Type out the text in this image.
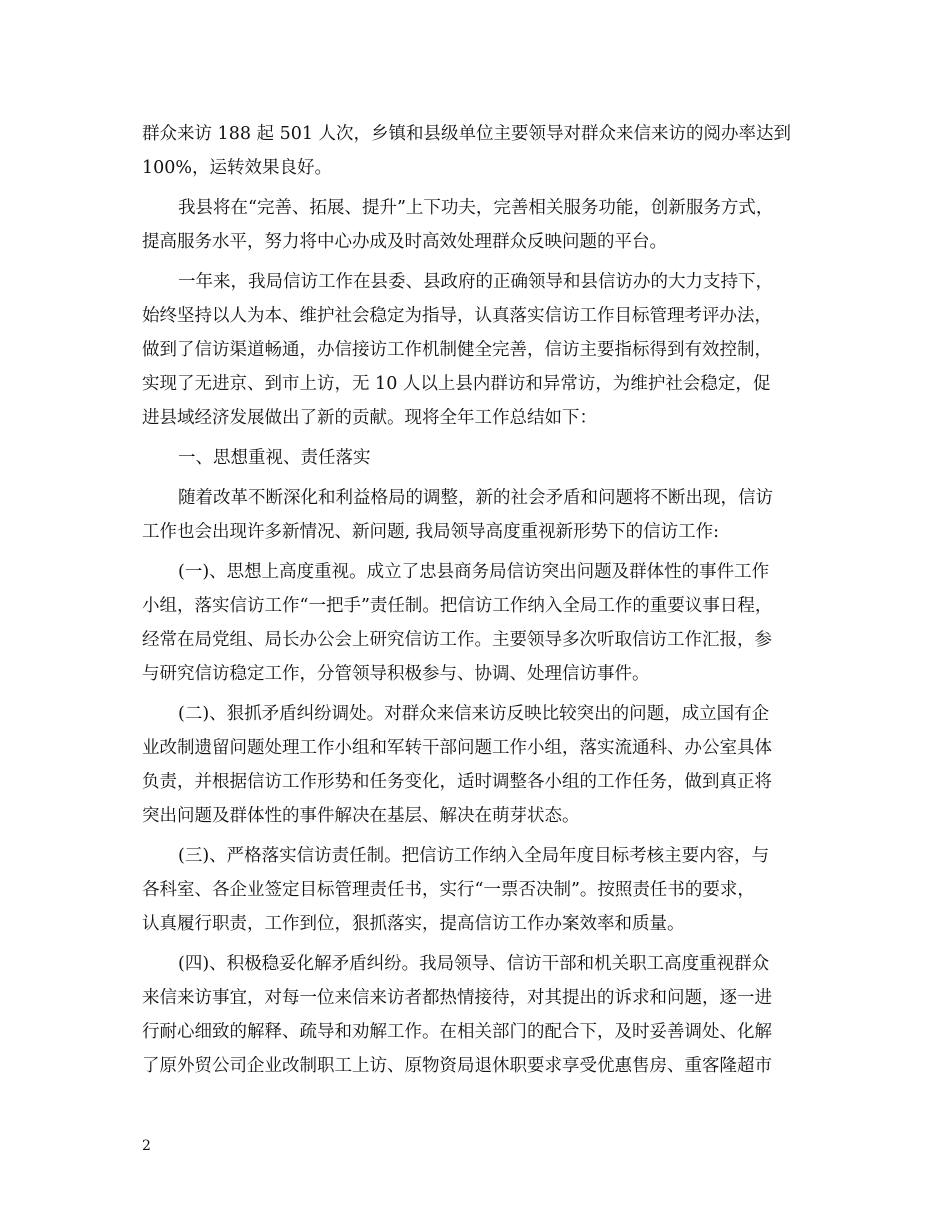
群众来访 188 起 501 人次，乡镇和县级单位主要领导对群众来信来访的阅办率达到
100%，运转效果良好。
我县将在“完善、拓展、提升”上下功夫，完善相关服务功能，创新服务方式，
提高服务水平，努力将中心办成及时高效处理群众反映问题的平台。
一年来，我局信访工作在县委、县政府的正确领导和县信访办的大力支持下，
始终坚持以人为本、维护社会稳定为指导，认真落实信访工作目标管理考评办法，
做到了信访渠道畅通，办信接访工作机制健全完善，信访主要指标得到有效控制，
实现了无进京、到市上访，无 10 人以上县内群访和异常访，为维护社会稳定，促
进县域经济发展做出了新的贡献。现将全年工作总结如下：
一、思想重视、责任落实
随着改革不断深化和利益格局的调整，新的社会矛盾和问题将不断出现，信访
工作也会出现许多新情况、新问题, 我局领导高度重视新形势下的信访工作:
(一)、思想上高度重视。成立了忠县商务局信访突出问题及群体性的事件工作
小组，落实信访工作“一把手”责任制。把信访工作纳入全局工作的重要议事日程，
经常在局党组、局长办公会上研究信访工作。主要领导多次听取信访工作汇报，参
与研究信访稳定工作，分管领导积极参与、协调、处理信访事件。
(二)、狠抓矛盾纠纷调处。对群众来信来访反映比较突出的问题，成立国有企
业改制遗留问题处理工作小组和军转干部问题工作小组，落实流通科、办公室具体
负责，并根据信访工作形势和任务变化，适时调整各小组的工作任务，做到真正将
突出问题及群体性的事件解决在基层、解决在萌芽状态。
(三)、严格落实信访责任制。把信访工作纳入全局年度目标考核主要内容，与
各科室、各企业签定目标管理责任书，实行“一票否决制”。按照责任书的要求，
认真履行职责，工作到位，狠抓落实，提高信访工作办案效率和质量。
(四)、积极稳妥化解矛盾纠纷。我局领导、信访干部和机关职工高度重视群众
来信来访事宜，对每一位来信来访者都热情接待，对其提出的诉求和问题，逐一进
行耐心细致的解释、疏导和劝解工作。在相关部门的配合下，及时妥善调处、化解
了原外贸公司企业改制职工上访、原物资局退休职要求享受优惠售房、重客隆超市
2
